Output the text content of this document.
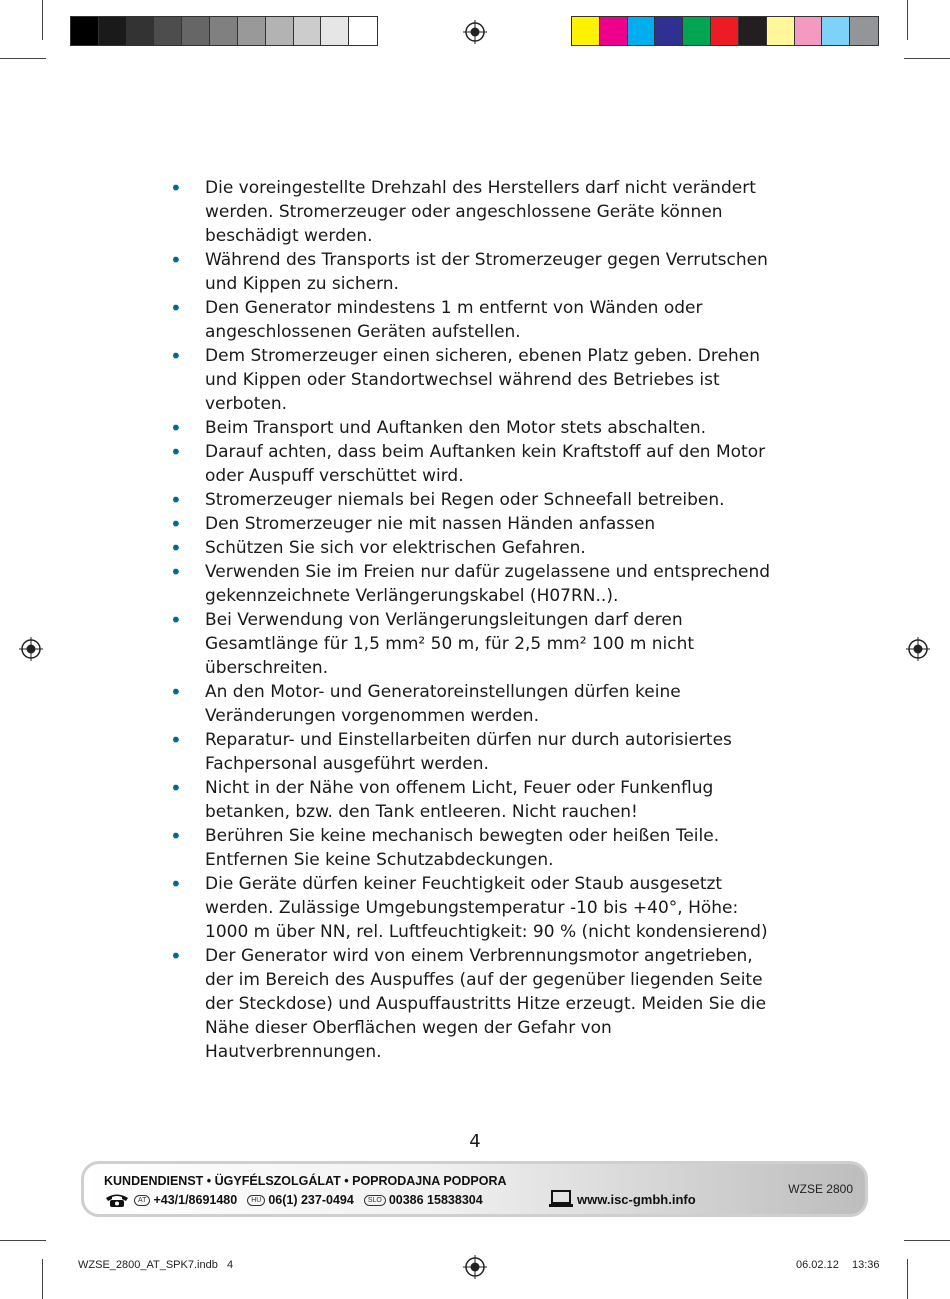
• Die voreingestellte Drehzahl des Herstellers darf nicht verändert werden. Stromerzeuger oder angeschlossene Geräte können beschädigt werden.
• Während des Transports ist der Stromerzeuger gegen Verrutschen und Kippen zu sichern.
• Den Generator mindestens 1 m entfernt von Wänden oder angeschlossenen Geräten aufstellen.
• Dem Stromerzeuger einen sicheren, ebenen Platz geben. Drehen und Kippen oder Standortwechsel während des Betriebes ist verboten.
• Beim Transport und Auftanken den Motor stets abschalten.
• Darauf achten, dass beim Auftanken kein Kraftstoff auf den Motor oder Auspuff verschüttet wird.
• Stromerzeuger niemals bei Regen oder Schneefall betreiben.
• Den Stromerzeuger nie mit nassen Händen anfassen
• Schützen Sie sich vor elektrischen Gefahren.
• Verwenden Sie im Freien nur dafür zugelassene und entsprechend gekennzeichnete Verlängerungskabel (H07RN..).
• Bei Verwendung von Verlängerungsleitungen darf deren Gesamtlänge für 1,5 mm² 50 m, für 2,5 mm² 100 m nicht überschreiten.
• An den Motor- und Generatoreinstellungen dürfen keine Veränderungen vorgenommen werden.
• Reparatur- und Einstellarbeiten dürfen nur durch autorisiertes Fachpersonal ausgeführt werden.
• Nicht in der Nähe von offenem Licht, Feuer oder Funkenflug betanken, bzw. den Tank entleeren. Nicht rauchen!
• Berühren Sie keine mechanisch bewegten oder heißen Teile. Entfernen Sie keine Schutzabdeckungen.
• Die Geräte dürfen keiner Feuchtigkeit oder Staub ausgesetzt werden. Zulässige Umgebungstemperatur -10 bis +40°, Höhe: 1000 m über NN, rel. Luftfeuchtigkeit: 90 % (nicht kondensierend)
• Der Generator wird von einem Verbrennungsmotor angetrieben, der im Bereich des Auspuffes (auf der gegenüber liegenden Seite der Steckdose) und Auspuffaustritts Hitze erzeugt. Meiden Sie die Nähe dieser Oberflächen wegen der Gefahr von Hautverbrennungen.
4
KUNDENDIENST • ÜGYFÉLSZOLGÁLAT • POPRODAJNA PODPORA
AT +43/1/8691480	HU 06(1) 237-0494	SLO 00386 15838304	www.isc-gmbh.info
WZSE 2800
WZSE_2800_AT_SPK7.indb   4	06.02.12 13:36
